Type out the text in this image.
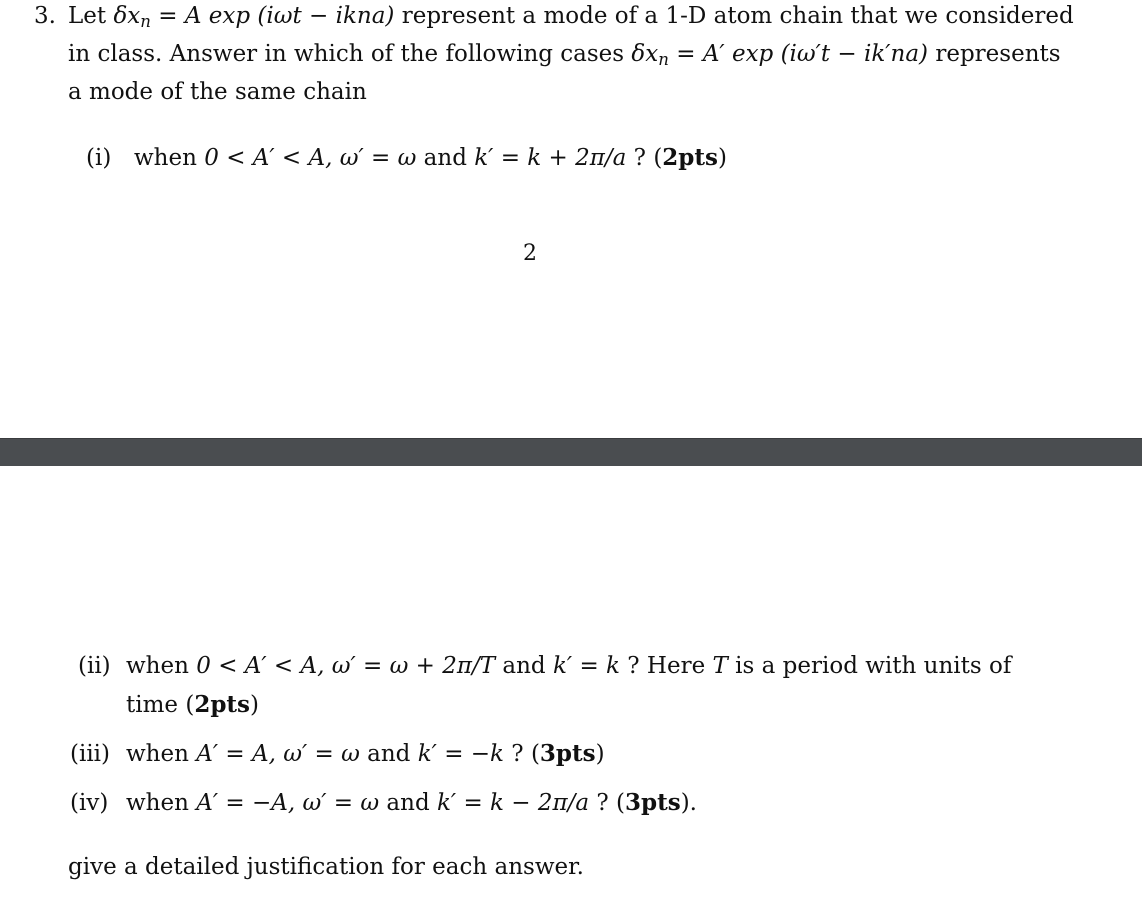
3. Let $\delta x_n = A$ exp (iωt − ikna) represent a mode of a 1-D atom chain that we considered
in class. Answer in which of the following cases $\delta x_n = A'$ exp (iω′t − ik′na) represents
a mode of the same chain
(i) when 0 < A′ < A, ω′ = ω and k′ = k + 2π/a ? (2pts)
2
(ii) when 0 < A′ < A, ω′ = ω + 2π/T and k′ = k ? Here T is a period with units of
time (2pts)
(iii) when A′ = A, ω′ = ω and k′ = −k ? (3pts)
(iv) when A′ = −A, ω′ = ω and k′ = k − 2π/a ? (3pts).
give a detailed justification for each answer.
